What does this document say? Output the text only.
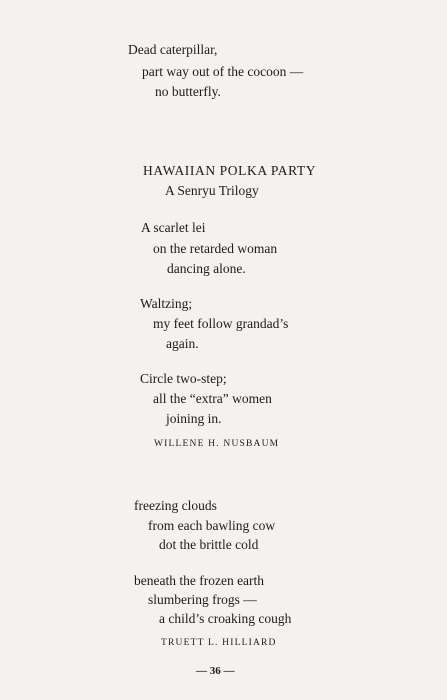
Dead caterpillar,
part way out of the cocoon —
no butterfly.
HAWAIIAN POLKA PARTY
A Senryu Trilogy
A scarlet lei
on the retarded woman
dancing alone.
Waltzing;
my feet follow grandad’s
again.
Circle two-step;
all the “extra” women
joining in.
WILLENE H. NUSBAUM
freezing clouds
from each bawling cow
dot the brittle cold
beneath the frozen earth
slumbering frogs —
a child’s croaking cough
TRUETT L. HILLIARD
— 36 —
